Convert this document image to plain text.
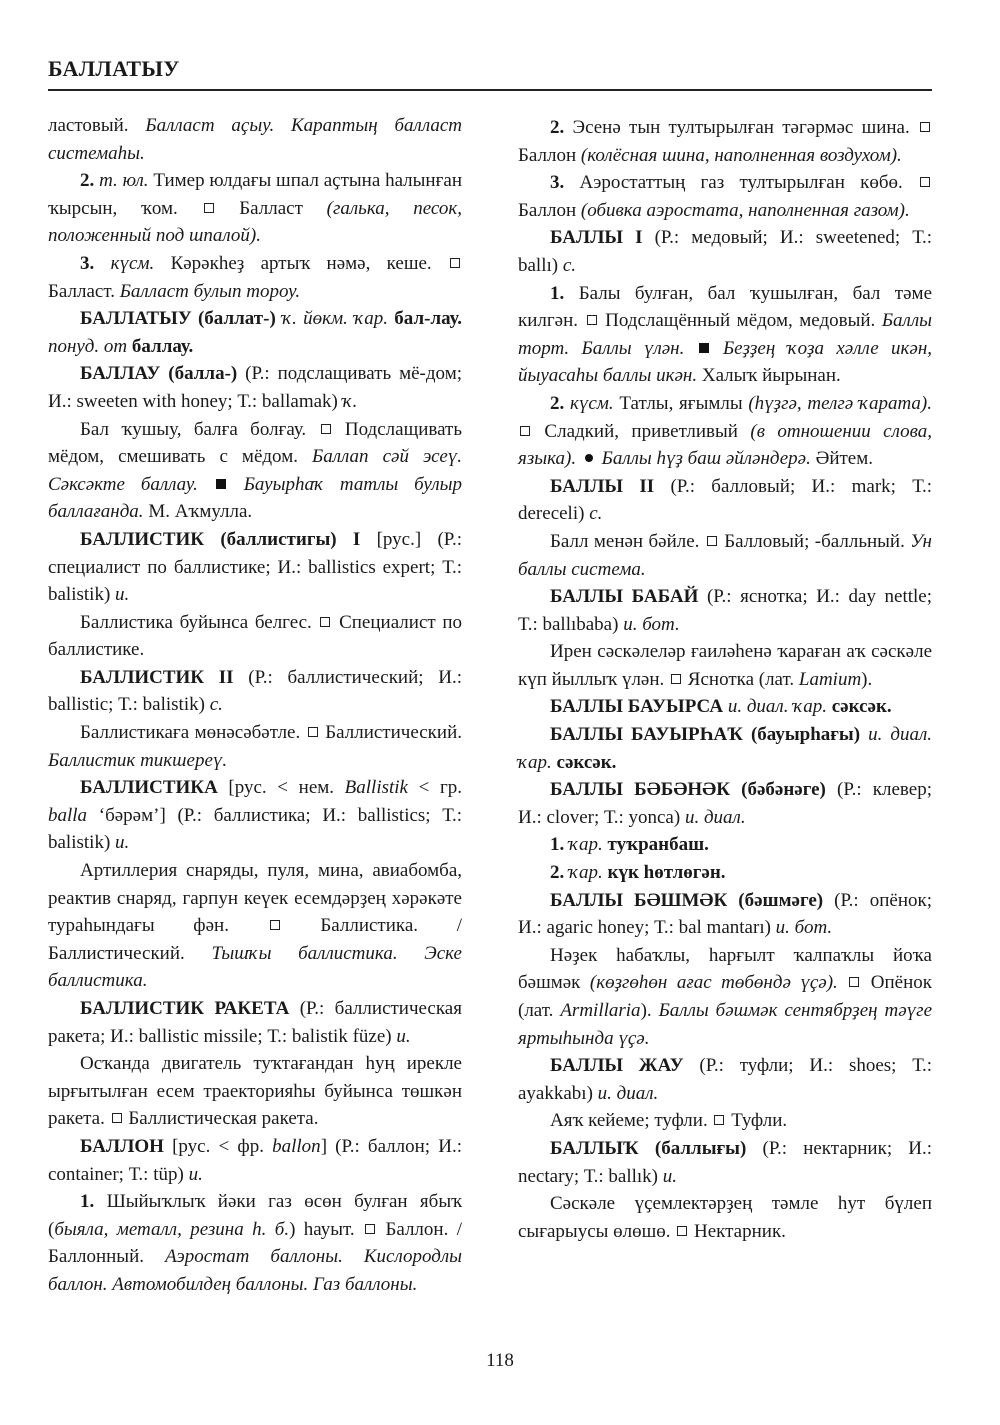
БАЛЛАТЫУ

ластовый. Балласт аҫыу. Карaптың балласт системаһы.

2. т. юл. Тимер юлдағы шпал аҫтына һалынған ҡырсын, ҡом.  Балласт (галька, песок, положенный под шпалой).

3. күсм. Кәрәкһеҙ артыҡ нәмә, кеше.  Балласт. Балласт булып тороу.

БАЛЛАТЫУ (баллат-) ҡ. йөкм. ҡар. бал-лау. понуд. от баллау.

БАЛЛАУ (балла-) (Р.: подслащивать мё-дом; И.: sweeten with honey; Т.: ballamak) ҡ.

Бал ҡушыу, балға болғау.  Подслащивать мёдом, смешивать с мёдом. Баллап сәй эсеү. Сәксәкте баллау.  Бауырһаҡ татлы булыр баллағанда. М. Аҡмулла.

БАЛЛИСТИК (баллистигы) I [рус.] (Р.: специалист по баллистике; И.: ballistics expert; Т.: balistik) и.

Баллистика буйынса белгес.  Специалист по баллистике.

БАЛЛИСТИК II (Р.: баллистический; И.: ballistic; Т.: balistik) с.

Баллистикаға мөнәсәбәтле.  Баллистический. Баллистик тикшереү.

БАЛЛИСТИКА [рус. < нем. Ballistik < гр. balla ‘бәрәм’] (Р.: баллистика; И.: ballistics; Т.: balistik) и.

Артиллерия снаряды, пуля, мина, авиабомба, реактив снаряд, гарпун кеүек есемдәрҙең хәрәкәте тураһындағы фән.  Баллистика. / Баллистический. Тышҡы баллистика. Эске баллистика.

БАЛЛИСТИК РАКЕТА (Р.: баллистическая ракета; И.: ballistic missile; Т.: balistik füze) и.

Осҡанда двигатель туҡтағандан һуң ирекле ырғытылған есем траекторияһы буйынса төшкән ракета.  Баллистическая ракета.

БАЛЛОН [рус. < фр. ballon] (Р.: баллон; И.: container; Т.: tüp) и.

1. Шыйыҡлыҡ йәки газ өсөн булған ябыҡ (быяла, металл, резина һ. б.) һауыт.  Баллон. / Баллонный. Аэростат баллоны. Кислородлы баллон. Автомобилдең баллоны. Газ баллоны.

2. Эсенә тын тултырылған тәгәрмәс шина.  Баллон (колёсная шина, наполненная воздухом).

3. Аэростаттың газ тултырылған көбө.  Баллон (обивка аэростата, наполненная газом).

БАЛЛЫ I (Р.: медовый; И.: sweetened; Т.: ballı) с.

1. Балы булған, бал ҡушылған, бал тәме килгән.  Подслащённый мёдом, медовый. Баллы торт. Баллы үлән.  Беҙҙең ҡоҙа хәлле икән, йыуасаһы баллы икән. Халыҡ йырынан.

2. күсм. Татлы, яғымлы (һүҙгә, телгә ҡарата).  Сладкий, приветливый (в отношении слова, языка).  Баллы һүҙ баш әйләндерә. Әйтем.

БАЛЛЫ II (Р.: балловый; И.: mark; Т.: dereceli) с.

Балл менән бәйле.  Балловый; -балльный. Ун баллы система.

БАЛЛЫ БАБАЙ (Р.: яснотка; И.: day nettle; Т.: ballıbaba) и. бот.

Ирен сәскәлеләр ғаиләһенә ҡараған аҡ сәскәле күп йыллыҡ үлән.  Яснотка (лат. Lamium).

БАЛЛЫ БАУЫРСА и. диал. ҡар. сәксәк.

БАЛЛЫ БАУЫРҺАҠ (бауырһағы) и. диал. ҡар. сәксәк.

БАЛЛЫ БӘБӘНӘК (бәбәнәге) (Р.: клевер; И.: clover; Т.: yonca) и. диал.

1. ҡар. туҡранбаш.

2. ҡар. күк һөтлөгән.

БАЛЛЫ БӘШМӘК (бәшмәге) (Р.: опёнок; И.: agaric honey; Т.: bal mantarı) и. бот.

Нәҙек һабаҡлы, һарғылт ҡалпаҡлы йоҡа бәшмәк (көҙгөһөн ағас төбөндә үҫә).  Опёнок (лат. Armillaria). Баллы бәшмәк сентябрҙең тәүге яртыһында үҫә.

БАЛЛЫ ЖАУ (Р.: туфли; И.: shoes; Т.: ayakkabı) и. диал.

Аяҡ кейеме; туфли.  Туфли.

БАЛЛЫҠ (баллығы) (Р.: нектарник; И.: nectary; Т.: ballık) и.

Сәскәле үҫемлектәрҙең тәмле һут бүлеп сығарыусы өлөшө.  Нектарник.

118
